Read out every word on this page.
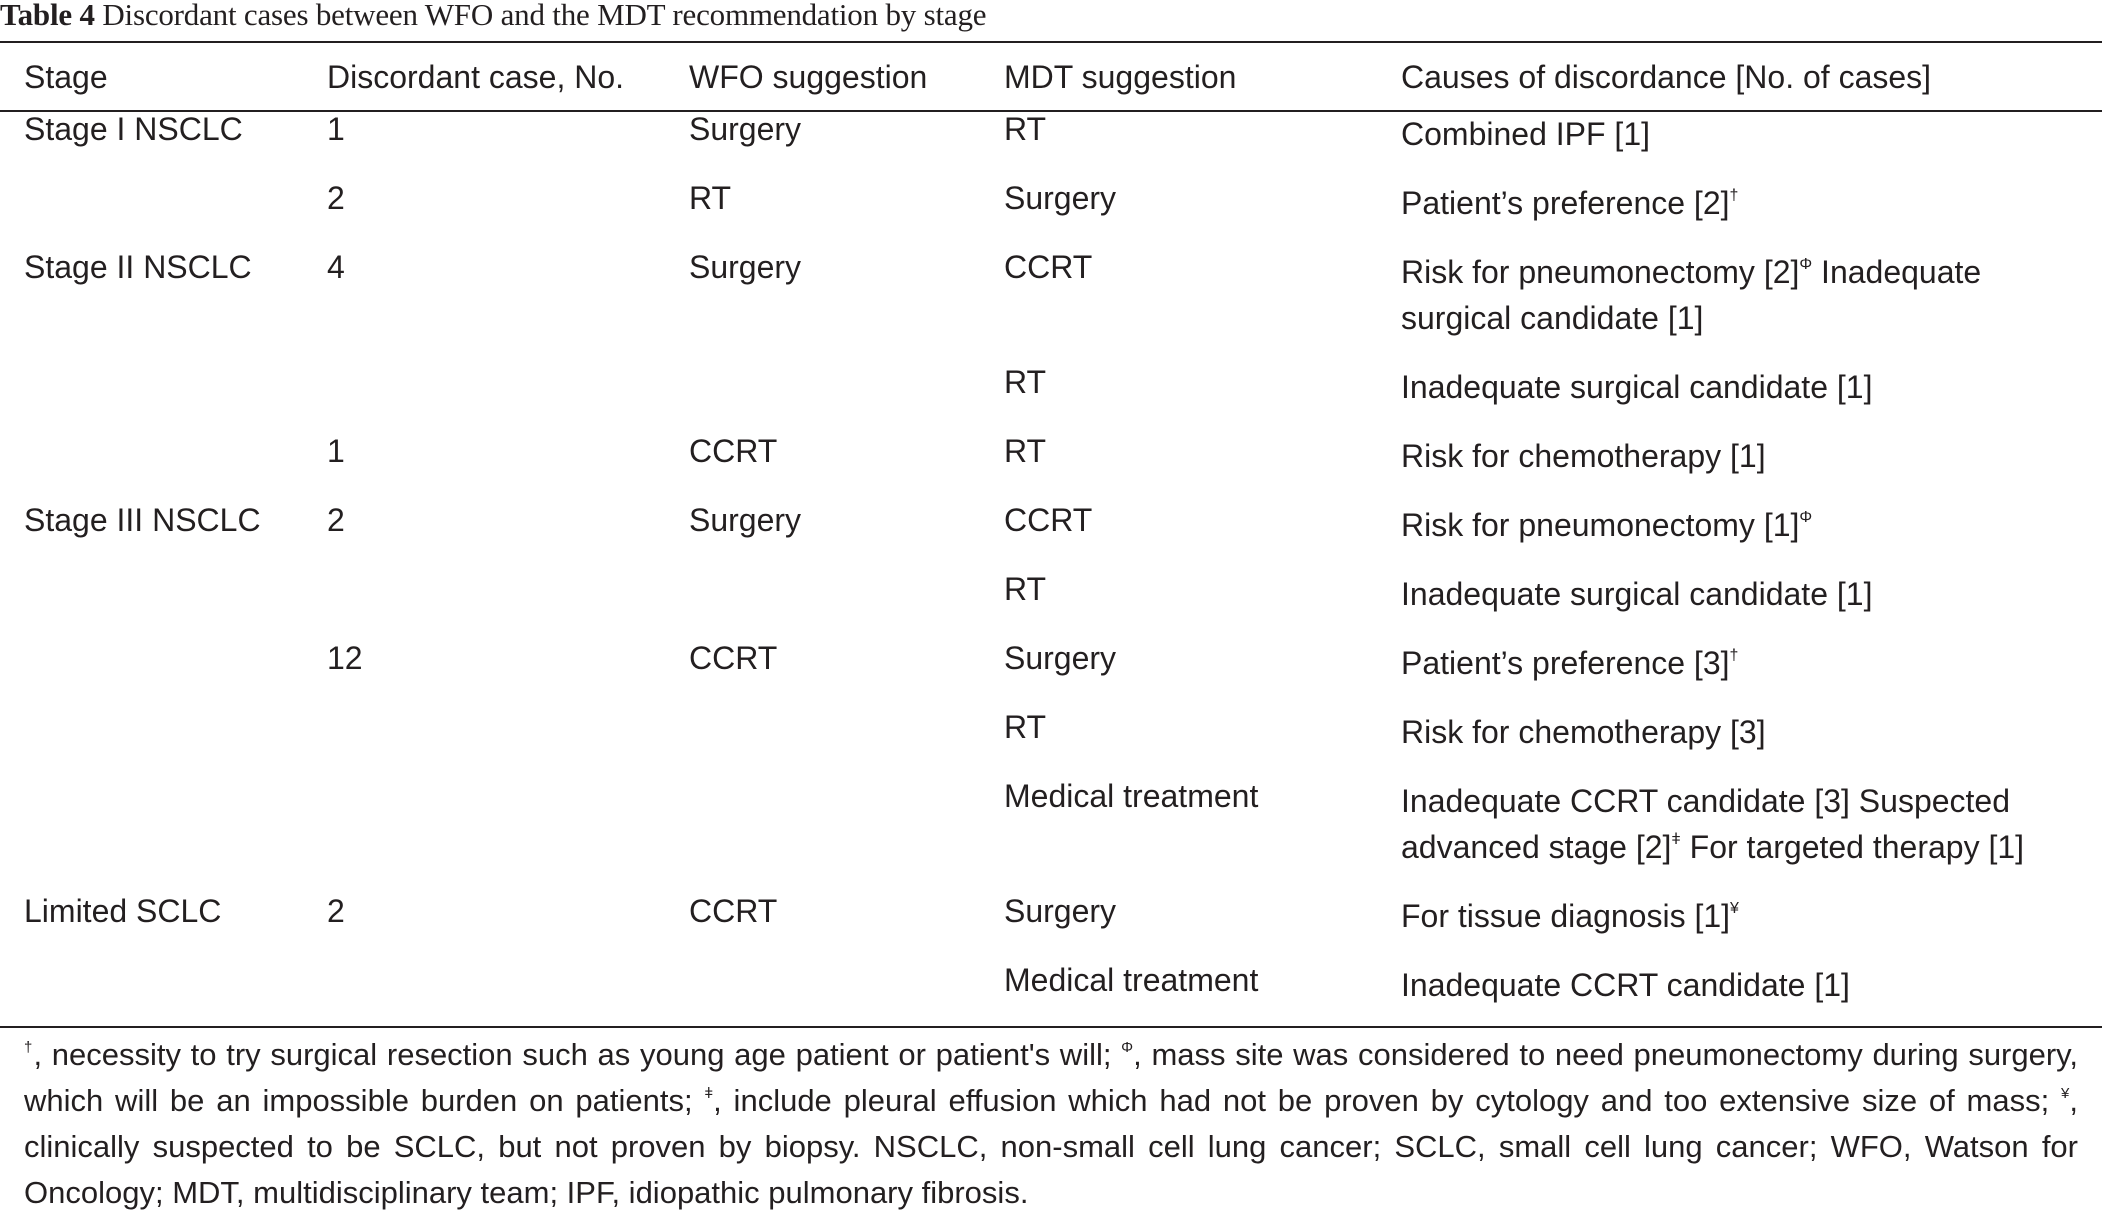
Table 4 Discordant cases between WFO and the MDT recommendation by stage
Stage	Discordant case, No.	WFO suggestion	MDT suggestion	Causes of discordance [No. of cases]
Stage I NSCLC	1	Surgery	RT	Combined IPF [1]
	2	RT	Surgery	Patient’s preference [2]†
Stage II NSCLC	4	Surgery	CCRT	Risk for pneumonectomy $[2]^\Phi$ Inadequate surgical candidate [1]
			RT	Inadequate surgical candidate [1]
	1	CCRT	RT	Risk for chemotherapy [1]
Stage III NSCLC	2	Surgery	CCRT	Risk for pneumonectomy $[1]^\Phi$
			RT	Inadequate surgical candidate [1]
	12	CCRT	Surgery	Patient’s preference [3]†
			RT	Risk for chemotherapy [3]
			Medical treatment	Inadequate CCRT candidate [3] Suspected advanced stage $[2]^ǂ$ For targeted therapy [1]
Limited SCLC	2	CCRT	Surgery	For tissue diagnosis [1]¥
			Medical treatment	Inadequate CCRT candidate [1]
†, necessity to try surgical resection such as young age patient or patient's will; $^\Phi$, mass site was considered to need pneumonectomy during surgery, which will be an impossible burden on patients; $^ǂ$, include pleural effusion which had not be proven by cytology and too extensive size of mass; ¥, clinically suspected to be SCLC, but not proven by biopsy. NSCLC, non-small cell lung cancer; SCLC, small cell lung cancer; WFO, Watson for Oncology; MDT, multidisciplinary team; IPF, idiopathic pulmonary fibrosis.
